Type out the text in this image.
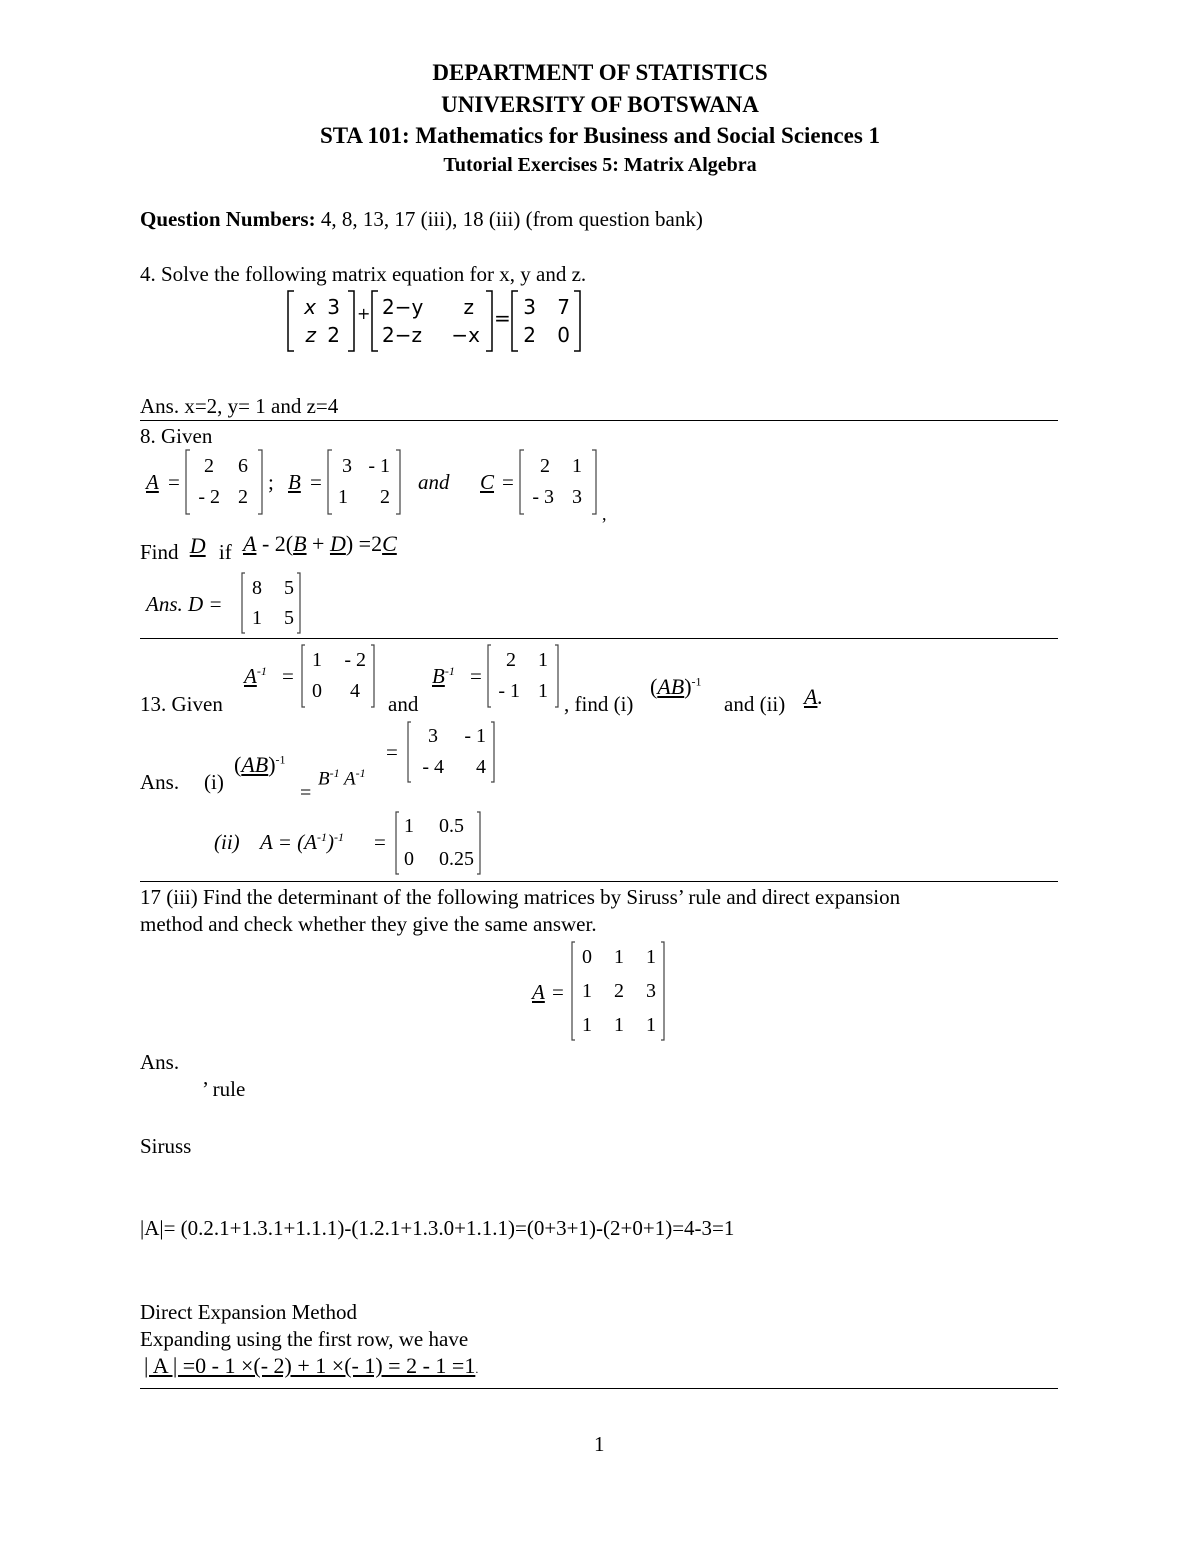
DEPARTMENT OF STATISTICS
UNIVERSITY OF BOTSWANA
STA 101: Mathematics for Business and Social Sciences 1
Tutorial Exercises 5: Matrix Algebra
Question Numbers: 4, 8, 13, 17 (iii), 18 (iii) (from question bank)
4. Solve the following matrix equation for x, y and z.
x 3
z 2
+ 2−y	z
2−z	−x
= 3	7
2	0
Ans. x=2, y= 1 and z=4
8. Given
A =
2	6
- 2 2
; B =
3 - 1
1	2
and C =
2	1
- 3 3
,
Find D if A - 2(B + D) =2C
Ans. D =
8	5
1	5
13. Given
$A^{-1}$ =
1	- 2
0	4
and
$B^{-1}$ =
2	1
- 1 1
, find (i)
(AB)$^{-1}$
and (ii) A.
Ans. (i)
(AB)$^{-1}$
=
$B^{-1}$ $A^{-1}$
=
3	- 1
- 4	4
(ii) $A = (A^{-1})^{-1}$ =
1	0.5
0	0.25
17 (iii) Find the determinant of the following matrices by Siruss’ rule and direct expansion
method and check whether they give the same answer.
A =
0	1	1
1	2	3
1	1	1
Ans.
’ rule
Siruss
|A|= (0.2.1+1.3.1+1.1.1)-(1.2.1+1.3.0+1.1.1)=(0+3+1)-(2+0+1)=4-3=1
Direct Expansion Method
Expanding using the first row, we have
| A | =0 - 1 ×(- 2) + 1 ×(- 1) = 2 - 1 =1.
1
